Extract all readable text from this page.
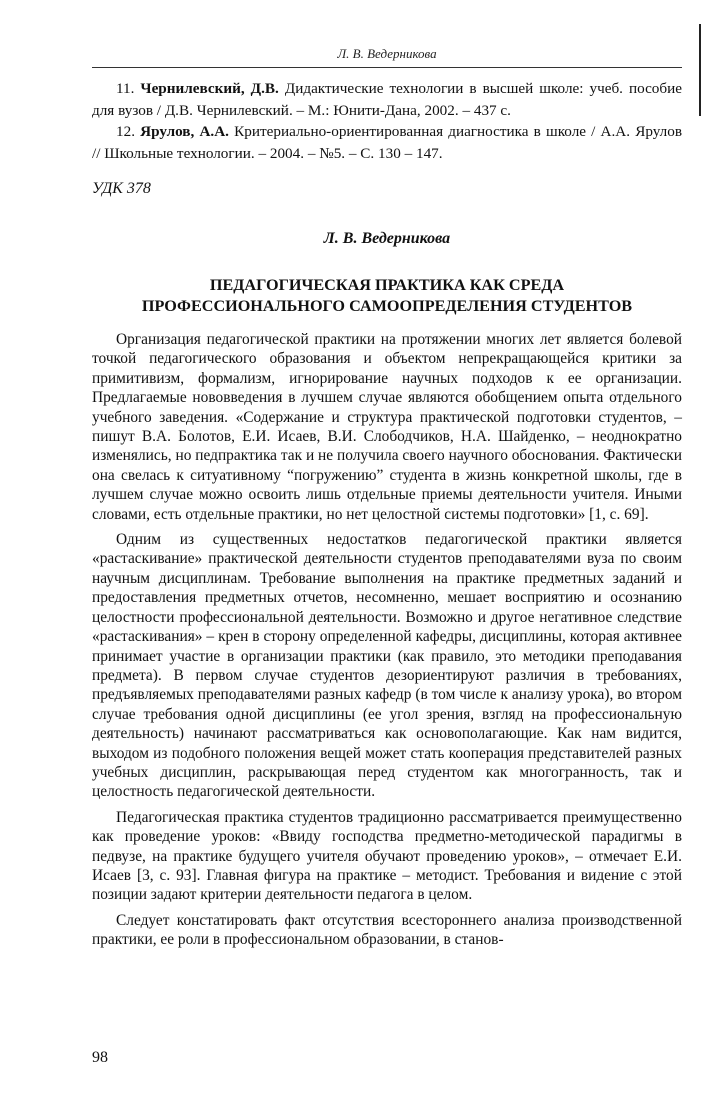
Л. В. Ведерникова
11. Чернилевский, Д.В. Дидактические технологии в высшей школе: учеб. пособие для вузов / Д.В. Чернилевский. – М.: Юнити-Дана, 2002. – 437 с.
12. Ярулов, А.А. Критериально-ориентированная диагностика в школе / А.А. Ярулов // Школьные технологии. – 2004. – №5. – С. 130 – 147.
УДК 378
Л. В. Ведерникова
ПЕДАГОГИЧЕСКАЯ ПРАКТИКА КАК СРЕДА
ПРОФЕССИОНАЛЬНОГО САМООПРЕДЕЛЕНИЯ СТУДЕНТОВ

Организация педагогической практики на протяжении многих лет является болевой точкой педагогического образования и объектом непрекращающейся критики за примитивизм, формализм, игнорирование научных подходов к ее организации. Предлагаемые нововведения в лучшем случае являются обобщением опыта отдельного учебного заведения. «Содержание и структура практической подготовки студентов, – пишут В.А. Болотов, Е.И. Исаев, В.И. Слободчиков, Н.А. Шайденко, – неоднократно изменялись, но педпрактика так и не получила своего научного обоснования. Фактически она свелась к ситуативному “погружению” студента в жизнь конкретной школы, где в лучшем случае можно освоить лишь отдельные приемы деятельности учителя. Иными словами, есть отдельные практики, но нет целостной системы подготовки» [1, с. 69].

Одним из существенных недостатков педагогической практики является «растаскивание» практической деятельности студентов преподавателями вуза по своим научным дисциплинам. Требование выполнения на практике предметных заданий и предоставления предметных отчетов, несомненно, мешает восприятию и осознанию целостности профессиональной деятельности. Возможно и другое негативное следствие «растаскивания» – крен в сторону определенной кафедры, дисциплины, которая активнее принимает участие в организации практики (как правило, это методики преподавания предмета). В первом случае студентов дезориентируют различия в требованиях, предъявляемых преподавателями разных кафедр (в том числе к анализу урока), во втором случае требования одной дисциплины (ее угол зрения, взгляд на профессиональную деятельность) начинают рассматриваться как основополагающие. Как нам видится, выходом из подобного положения вещей может стать кооперация представителей разных учебных дисциплин, раскрывающая перед студентом как многогранность, так и целостность педагогической деятельности.

Педагогическая практика студентов традиционно рассматривается преимущественно как проведение уроков: «Ввиду господства предметно-методической парадигмы в педвузе, на практике будущего учителя обучают проведению уроков», – отмечает Е.И. Исаев [3, с. 93]. Главная фигура на практике – методист. Требования и видение с этой позиции задают критерии деятельности педагога в целом.

Следует констатировать факт отсутствия всестороннего анализа производственной практики, ее роли в профессиональном образовании, в станов-

98
